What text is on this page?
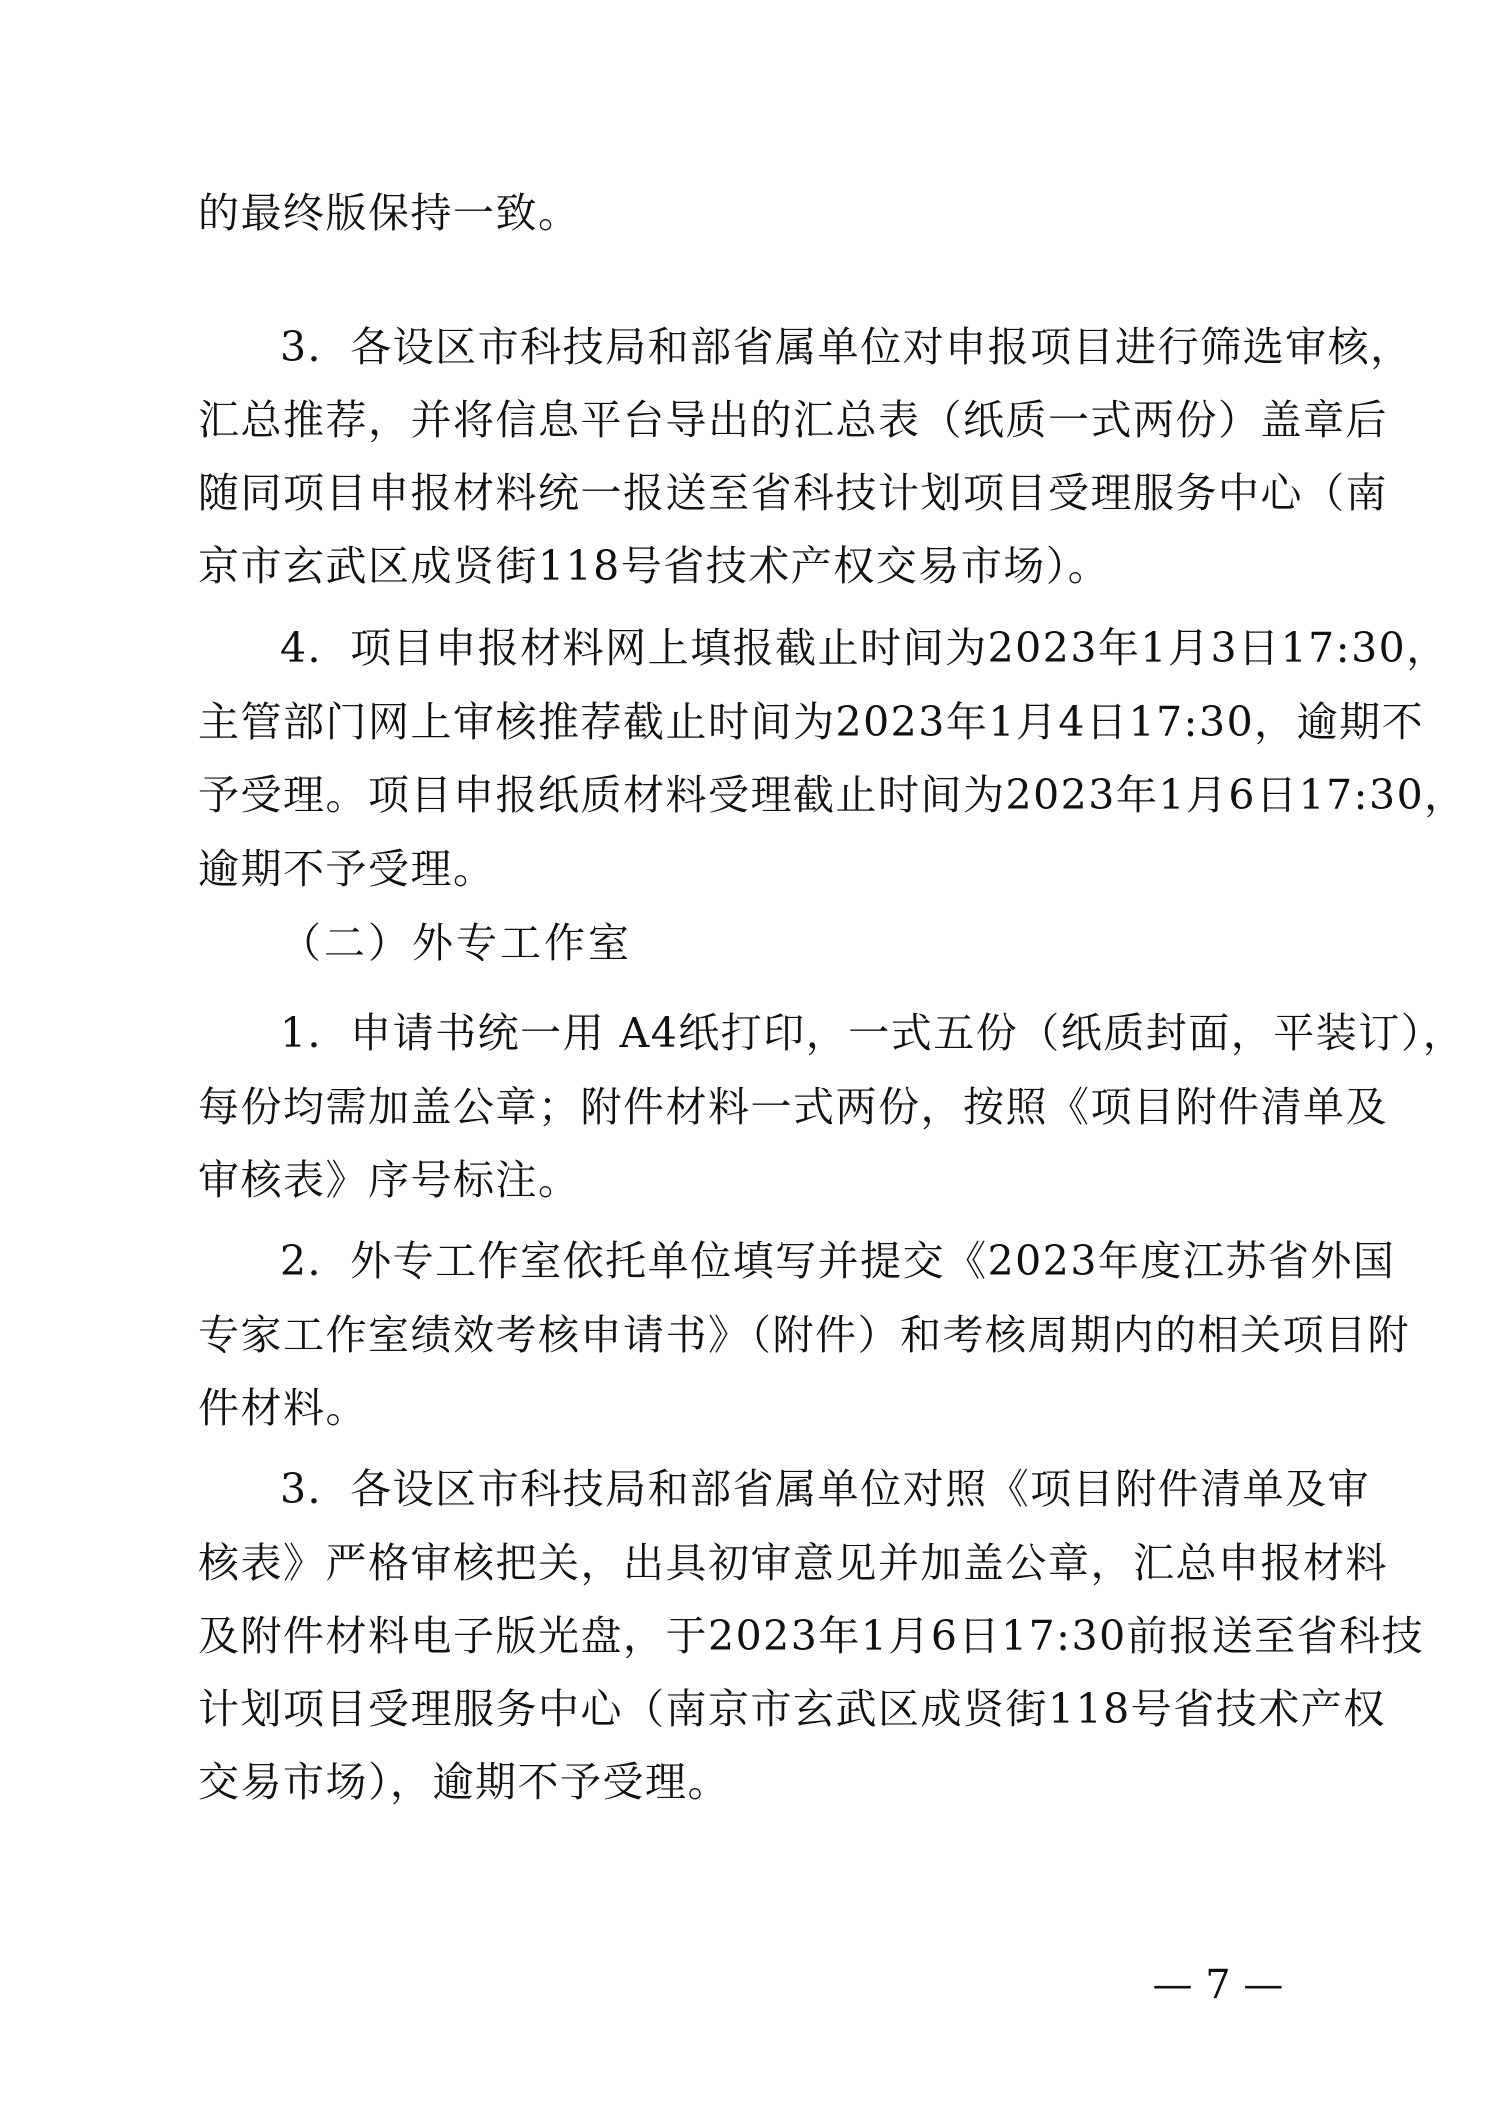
的最终版保持一致。
3．各设区市科技局和部省属单位对申报项目进行筛选审核，
汇总推荐，并将信息平台导出的汇总表（纸质一式两份）盖章后
随同项目申报材料统一报送至省科技计划项目受理服务中心（南
京市玄武区成贤街118号省技术产权交易市场）。
4．项目申报材料网上填报截止时间为2023年1月3日17:30，
主管部门网上审核推荐截止时间为2023年1月4日17:30，逾期不
予受理。项目申报纸质材料受理截止时间为2023年1月6日17:30，
逾期不予受理。
（二）外专工作室
1．申请书统一用 A4纸打印，一式五份（纸质封面，平装订），
每份均需加盖公章；附件材料一式两份，按照《项目附件清单及
审核表》序号标注。
2．外专工作室依托单位填写并提交《2023年度江苏省外国
专家工作室绩效考核申请书》（附件）和考核周期内的相关项目附
件材料。
3．各设区市科技局和部省属单位对照《项目附件清单及审
核表》严格审核把关，出具初审意见并加盖公章，汇总申报材料
及附件材料电子版光盘，于2023年1月6日17:30前报送至省科技
计划项目受理服务中心（南京市玄武区成贤街118号省技术产权
交易市场），逾期不予受理。
— 7 —
